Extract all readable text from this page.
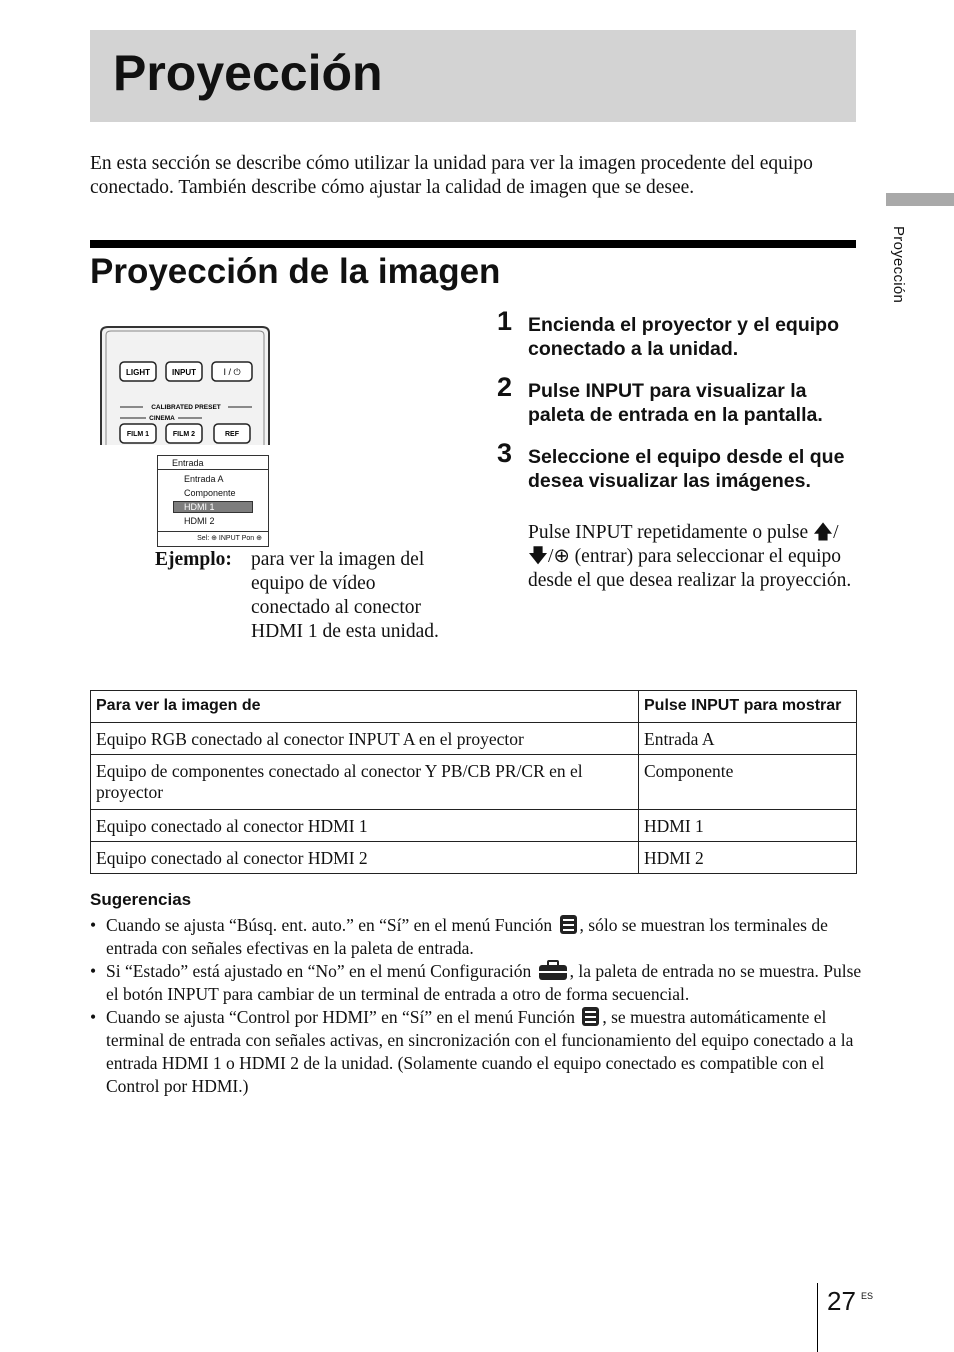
Proyección

En esta sección se describe cómo utilizar la unidad para ver la imagen procedente del equipo conectado. También describe cómo ajustar la calidad de imagen que se desee.

Proyección
Proyección de la imagen
LIGHT	INPUT	I / ⏻
CALIBRATED PRESET
CINEMA
FILM 1	FILM 2	REF
Entrada
Entrada A
Componente
HDMI 1
HDMI 2
Sel: ⊕ INPUT Pon ⊕
Ejemplo: para ver la imagen del equipo de vídeo conectado al conector HDMI 1 de esta unidad.

1 Encienda el proyector y el equipo conectado a la unidad.

2 Pulse INPUT para visualizar la paleta de entrada en la pantalla.

3 Seleccione el equipo desde el que desea visualizar las imágenes.

Pulse INPUT repetidamente o pulse 🡅/🡇/⊕ (entrar) para seleccionar el equipo desde el que desea realizar la proyección.

Para ver la imagen de	Pulse INPUT para mostrar
Equipo RGB conectado al conector INPUT A en el proyector	Entrada A
Equipo de componentes conectado al conector Y PB/CB PR/CR en el proyector	Componente
Equipo conectado al conector HDMI 1	HDMI 1
Equipo conectado al conector HDMI 2	HDMI 2
Sugerencias
• Cuando se ajusta “Búsq. ent. auto.” en “Sí” en el menú Función , sólo se muestran los terminales de entrada con señales efectivas en la paleta de entrada.
• Si “Estado” está ajustado en “No” en el menú Configuración , la paleta de entrada no se muestra. Pulse el botón INPUT para cambiar de un terminal de entrada a otro de forma secuencial.
• Cuando se ajusta “Control por HDMI” en “Sí” en el menú Función , se muestra automáticamente el terminal de entrada con señales activas, en sincronización con el funcionamiento del equipo conectado a la entrada HDMI 1 o HDMI 2 de la unidad. (Solamente cuando el equipo conectado es compatible con el Control por HDMI.)
27 ES
